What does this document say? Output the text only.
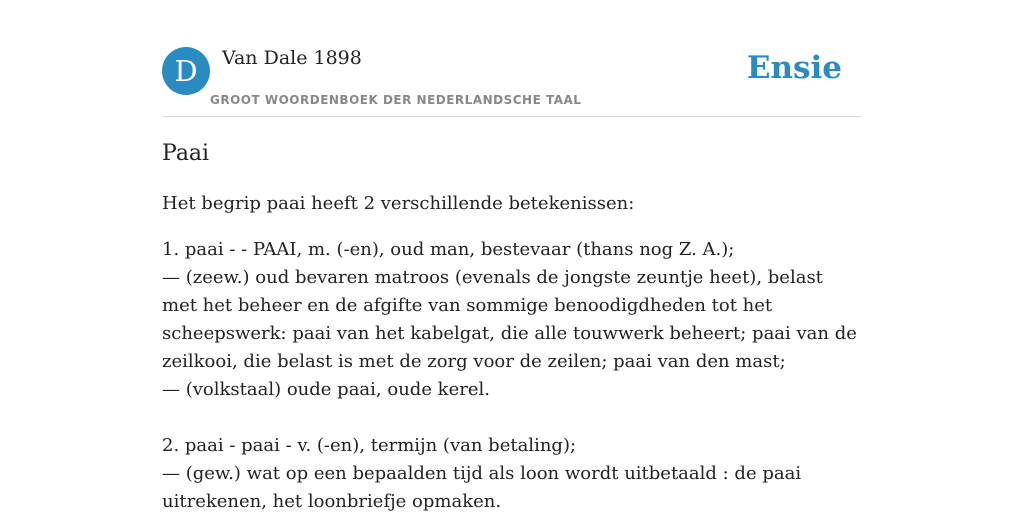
D	Van Dale 1898
GROOT WOORDENBOEK DER NEDERLANDSCHE TAAL
Ensie
Paai

Het begrip paai heeft 2 verschillende betekenissen:

1. paai - - PAAI, m. (-en), oud man, bestevaar (thans nog Z. A.);
— (zeew.) oud bevaren matroos (evenals de jongste zeuntje heet), belast met het beheer en de afgifte van sommige benoodigdheden tot het scheepswerk: paai van het kabelgat, die alle touwwerk beheert; paai van de zeilkooi, die belast is met de zorg voor de zeilen; paai van den mast;
— (volkstaal) oude paai, oude kerel.
2. paai - paai - v. (-en), termijn (van betaling);
— (gew.) wat op een bepaalden tijd als loon wordt uitbetaald : de paai uitrekenen, het loonbriefje opmaken.
